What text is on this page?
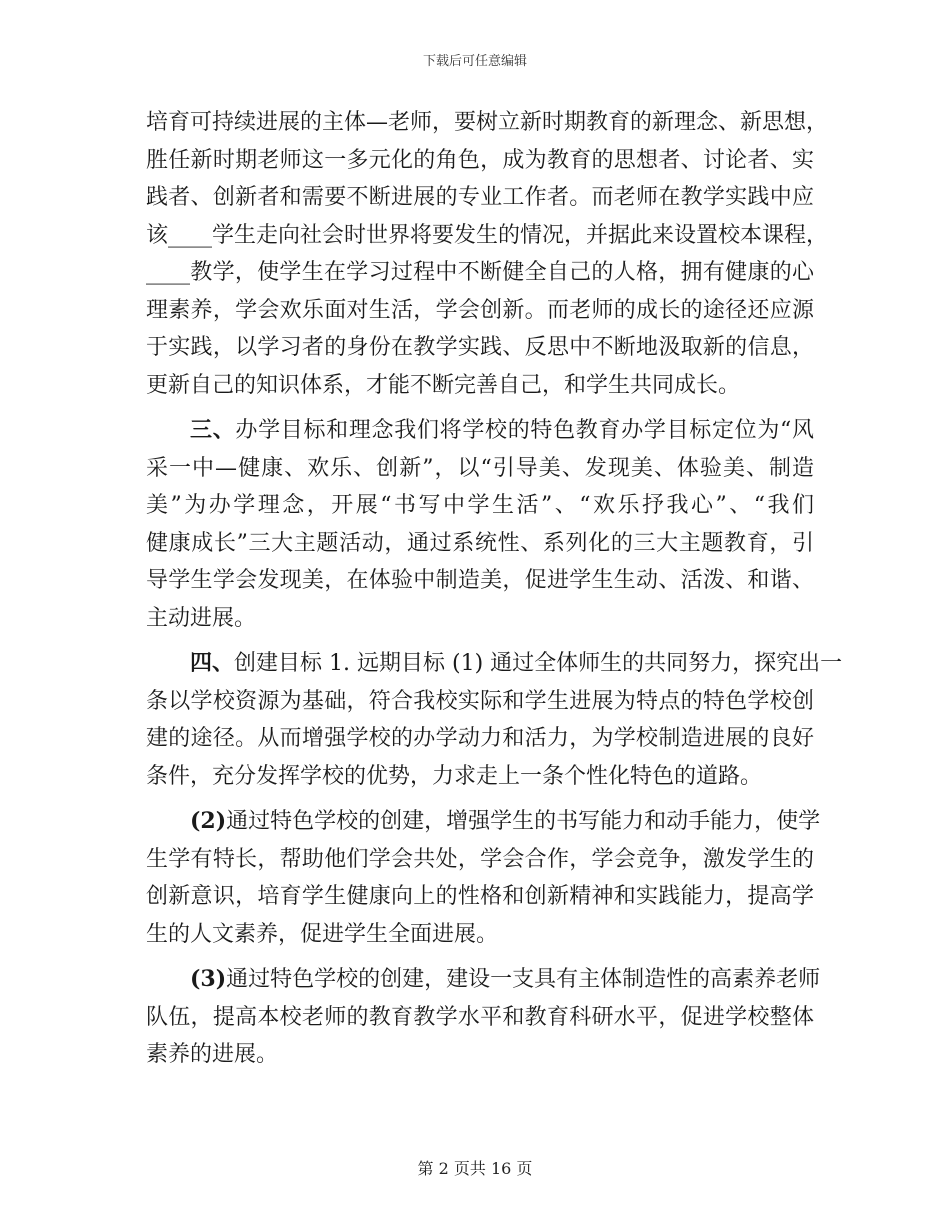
下载后可任意编辑
培育可持续进展的主体—老师，要树立新时期教育的新理念、新思想，
胜任新时期老师这一多元化的角色，成为教育的思想者、讨论者、实
践者、创新者和需要不断进展的专业工作者。而老师在教学实践中应
该____学生走向社会时世界将要发生的情况，并据此来设置校本课程，
____教学，使学生在学习过程中不断健全自己的人格，拥有健康的心
理素养，学会欢乐面对生活，学会创新。而老师的成长的途径还应源
于实践，以学习者的身份在教学实践、反思中不断地汲取新的信息，
更新自己的知识体系，才能不断完善自己，和学生共同成长。
三、办学目标和理念我们将学校的特色教育办学目标定位为“风
采一中—健康、欢乐、创新”，以“引导美、发现美、体验美、制造
美”为办学理念，开展“书写中学生活”、“欢乐抒我心”、“我们
健康成长”三大主题活动，通过系统性、系列化的三大主题教育，引
导学生学会发现美，在体验中制造美，促进学生生动、活泼、和谐、
主动进展。
四、创建目标 1. 远期目标 (1) 通过全体师生的共同努力，探究出一
条以学校资源为基础，符合我校实际和学生进展为特点的特色学校创
建的途径。从而增强学校的办学动力和活力，为学校制造进展的良好
条件，充分发挥学校的优势，力求走上一条个性化特色的道路。
(2)通过特色学校的创建，增强学生的书写能力和动手能力，使学
生学有特长，帮助他们学会共处，学会合作，学会竞争，激发学生的
创新意识，培育学生健康向上的性格和创新精神和实践能力，提高学
生的人文素养，促进学生全面进展。
(3)通过特色学校的创建，建设一支具有主体制造性的高素养老师
队伍，提高本校老师的教育教学水平和教育科研水平，促进学校整体
素养的进展。
第 2 页共 16 页
